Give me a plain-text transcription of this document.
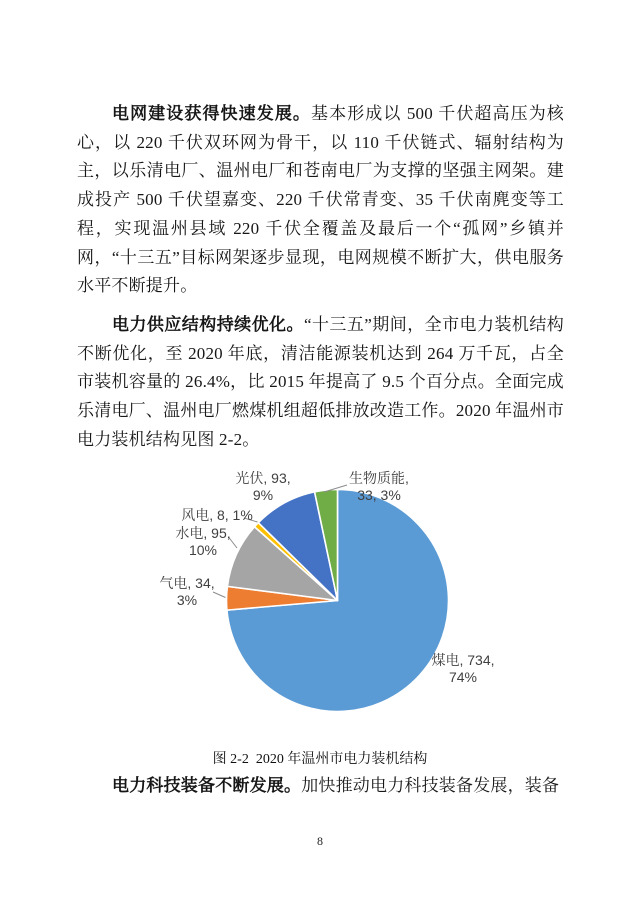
电网建设获得快速发展。基本形成以 500 千伏超高压为核心，以 220 千伏双环网为骨干，以 110 千伏链式、辐射结构为主，以乐清电厂、温州电厂和苍南电厂为支撑的坚强主网架。建成投产 500 千伏望嘉变、220 千伏常青变、35 千伏南麂变等工程，实现温州县域 220 千伏全覆盖及最后一个“孤网”乡镇并网，“十三五”目标网架逐步显现，电网规模不断扩大，供电服务水平不断提升。
电力供应结构持续优化。“十三五”期间，全市电力装机结构不断优化，至 2020 年底，清洁能源装机达到 264 万千瓦，占全市装机容量的 26.4%，比 2015 年提高了 9.5 个百分点。全面完成乐清电厂、温州电厂燃煤机组超低排放改造工作。2020 年温州市电力装机结构见图 2-2。
煤电, 734, 74%
气电, 34, 3%
水电, 95, 10%
风电, 8, 1%
光伏, 93, 9%
生物质能, 33, 3%
图 2-2  2020 年温州市电力装机结构
电力科技装备不断发展。加快推动电力科技装备发展，装备
8
